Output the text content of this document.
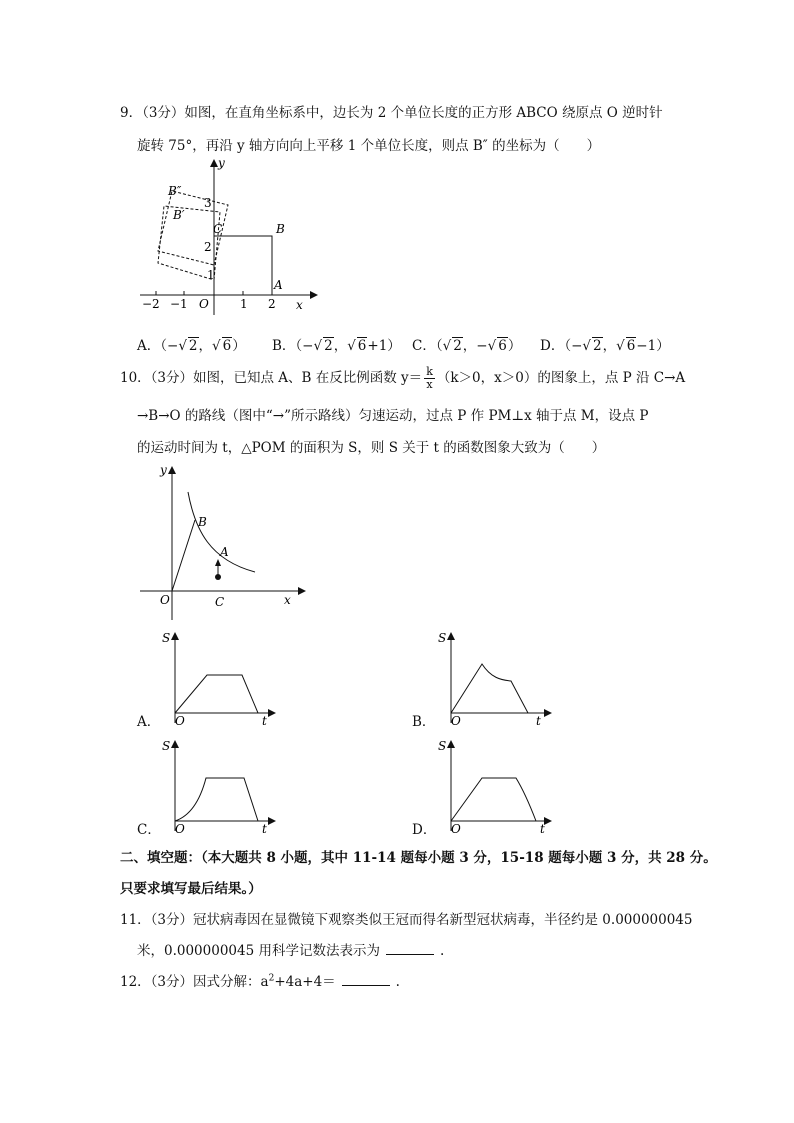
9．（3分）如图，在直角坐标系中，边长为 2 个单位长度的正方形 ABCO 绕原点 O 逆时针
旋转 75°，再沿 y 轴方向向上平移 1 个单位长度，则点 B″ 的坐标为（　　）
y
x
−2 −1 O	1 2
1
2
3
B″
B′
C	B
A
A．（−√ 2，√ 6） B．（−√ 2，√ 6+1） C．（√ 2，−√ 6） D．（−√ 2，√ 6−1）
10．（3分）如图，已知点 A、B 在反比例函数 $y= \frac{k}{x} (k>0$，x＞0）的图象上，点 P 沿 C→A
→B→O 的路线（图中“→”所示路线）匀速运动，过点 P 作 PM⊥x 轴于点 M，设点 P
的运动时间为 t，△POM 的面积为 S，则 S 关于 t 的函数图象大致为（　　）
y
x
B
A
O	C
A．
S
O	t	B．
S
O	t
C．
S
O	t	D．
S
O	t
二、填空题：（本大题共 8 小题，其中 11-14 题每小题 3 分，15-18 题每小题 3 分，共 28 分。
只要求填写最后结果。）
11．（3分）冠状病毒因在显微镜下观察类似王冠而得名新型冠状病毒，半径约是 0.000000045
米，0.000000045 用科学记数法表示为	.
12．（3分）因式分解：$a^2+4a+4=$	.
